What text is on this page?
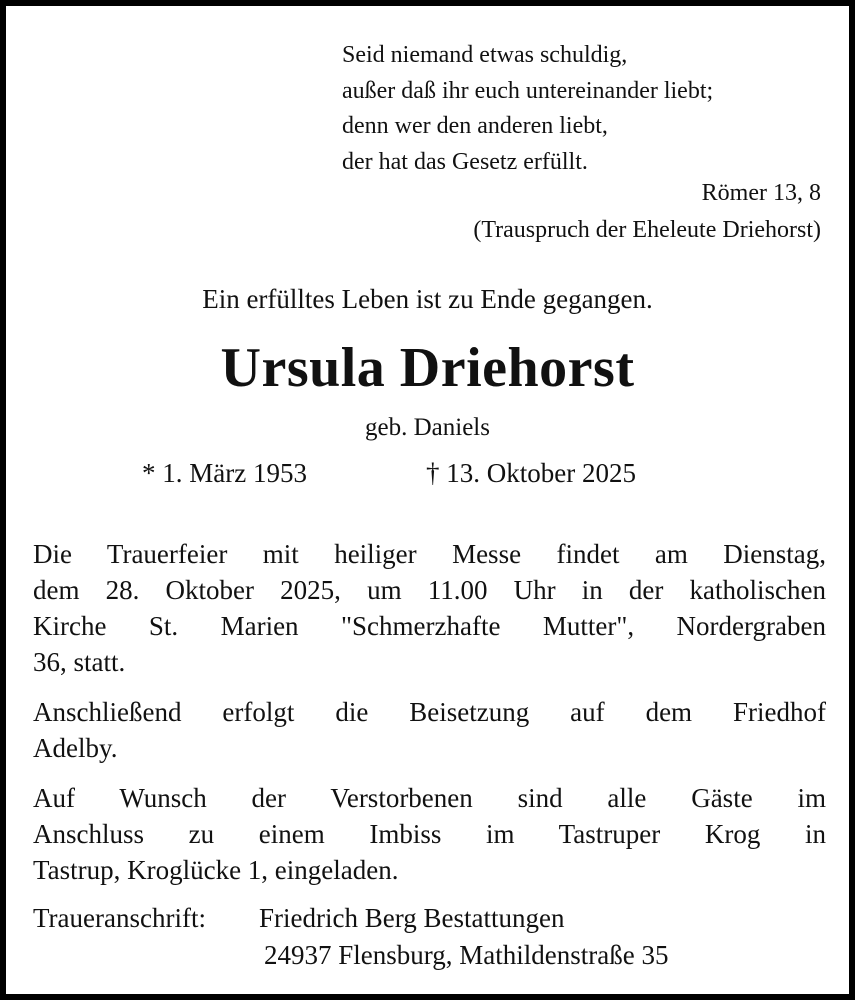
Seid niemand etwas schuldig,
außer daß ihr euch untereinander liebt;
denn wer den anderen liebt,
der hat das Gesetz erfüllt.
Römer 13, 8
(Trauspruch der Eheleute Driehorst)
Ein erfülltes Leben ist zu Ende gegangen.
Ursula Driehorst
geb. Daniels
* 1. März 1953	† 13. Oktober 2025
Die Trauerfeier mit heiliger Messe findet am Dienstag,
dem 28. Oktober 2025, um 11.00 Uhr in der katholischen
Kirche St. Marien "Schmerzhafte Mutter", Nordergraben
36, statt.
Anschließend erfolgt die Beisetzung auf dem Friedhof
Adelby.
Auf Wunsch der Verstorbenen sind alle Gäste im
Anschluss zu einem Imbiss im Tastruper Krog in
Tastrup, Kroglücke 1, eingeladen.
Traueranschrift: Friedrich Berg Bestattungen
24937 Flensburg, Mathildenstraße 35
